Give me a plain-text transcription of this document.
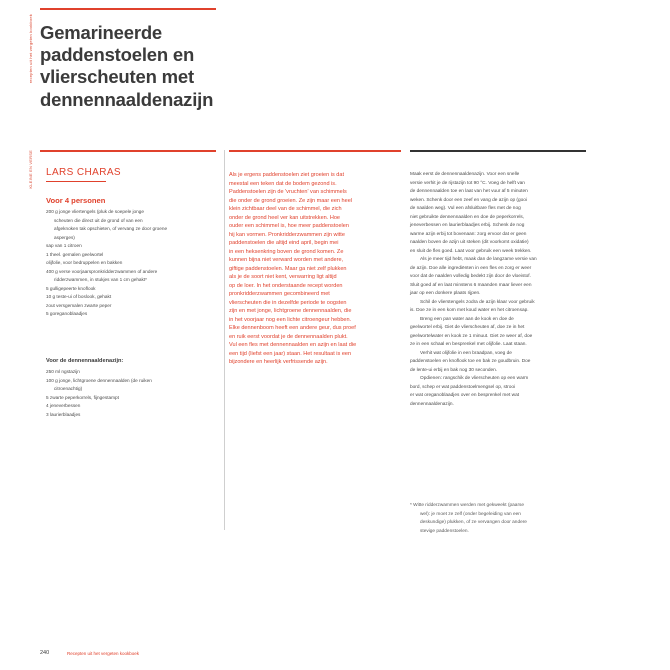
recepten uit het vergeten kookboek
KLEINE EN VERSE
Gemarineerde
paddenstoelen en
vlierscheuten met
dennennaaldenazijn
LARS CHARAS
Voor 4 personen
200 g jonge vliertengels (pluk de soepele jonge
scheuten die direct uit de grond of van een
afgeknoken tak opschieten, of vervang ze door groene
asperges)
sap van 1 citroen
1 theel. gemalen geelwortel
olijfolie, voor bedruppelen en bakken
400 g verse voorjaarspronkridderzwammen of andere
ridderzwammen, in stukjes van 1 cm gehakt*
5 gulligepeerte knoflook
10 g teste-ui of boslook, gehakt
zout versgemalen zwarte peper
5 goreganoblaadjes
Voor de dennennaaldenazijn:
250 ml ngstazijn
100 g jonge, lichtgroene dennennaalden (de ruiken
citroenachtig)
5 zwarte peperkorrels, fijngestampt
4 jeneverbessen
3 laurierblaadjes
Als je ergens paddenstoelen ziet groeien is dat
meestal een teken dat de bodem gezond is.
Paddenstoelen zijn de 'vruchten' van schimmels
die onder de grond groeien. Ze zijn maar een heel
klein zichtbaar deel van de schimmel, die zich
onder de grond heel ver kan uitstrekken. Hoe
ouder een schimmel is, hoe meer paddenstoelen
hij kan vormen. Pronkridderzwammen zijn witte
paddenstoelen die altijd eind april, begin mei
in een heksenkring boven de grond komen. Ze
kunnen bijna niet verward worden met andere,
giftige paddenstoelen. Maar ga niet zelf plukken
als je de soort niet kent, verwarring ligt altijd
op de loer. In het onderstaande recept worden
pronkridderzwammen gecombineerd met
vlierscheuten die in dezelfde periode te oogsten
zijn en met jonge, lichtgroene dennennaalden, die
in het voorjaar nog een lichte citroengeur hebben.
Elke dennenboom heeft een andere geur, dus proef
en ruik eerst voordat je de dennennaalden plukt.
Vul een fles met dennennaalden en azijn en laat die
een tijd (liefst een jaar) staan. Het resultaat is een
bijzondere en heerlijk verfrissende azijn.
Maak eerst de dennennaaldenazijn. Voor een snelle
versie verhit je de rijstazijn tot 90 °C. Voeg de helft van
de dennennaalden toe en laat van het vuur af 5 minuten
weken. Schenk door een zeef en vang de azijn op (gooi
de naalden weg). Vul een afsluitbare fles met de nog
niet gebruikte dennennaalden en doe de peperkorrels,
jeneverbessen en laurierblaadjes erbij. Schenk de nog
warme azijn erbij tot bovenaan: zorg ervoor dat er geen
naalden boven de azijn uit steken (dit voorkomt oxidatie)
en sluit de fles goed. Laat voor gebruik een week trekken.
Als je meer tijd hebt, maak dan de langzame versie van
de azijn. Doe alle ingrediënten in een fles en zorg er weer
voor dat de naalden volledig bedekt zijn door de vloeistof.
Sluit goed af en laat minstens 6 maanden maar liever een
jaar op een donkere plaats rijpen.
Schil de vlierstengels zodra de azijn klaar voor gebruik
is. Doe ze in een kom met koud water en het citroensap.
Breng een pan water aan de kook en doe de
geelwortel erbij. Giet de vlierscheuten af, doe ze in het
geelwortelwater en kook ze 1 minuut. Giet ze weer af, doe
ze in een schaal en besprenkel met olijfolie. Laat staan.
Verhit wat olijfolie in een braadpan, voeg de
paddenstoelen en knoflook toe en bak ze goudbruin. Doe
de lente-ui erbij en bak nog 30 seconden.
Opdienen: rangschik de vlierscheuten op een warm
bord, schep er wat paddenstoelmengsel op, strooi
er wat oreganoblaadjes over en besprenkel met wat
dennennaaldenazijn.
* Witte ridderzwammen werden met gekweekt (paarse
wel): je moet ze zelf (onder begeleiding van een
deskundige) plukken, of ze vervangen door andere
stevige paddenstoelen.
240	Recepten uit het vergeten kookboek
